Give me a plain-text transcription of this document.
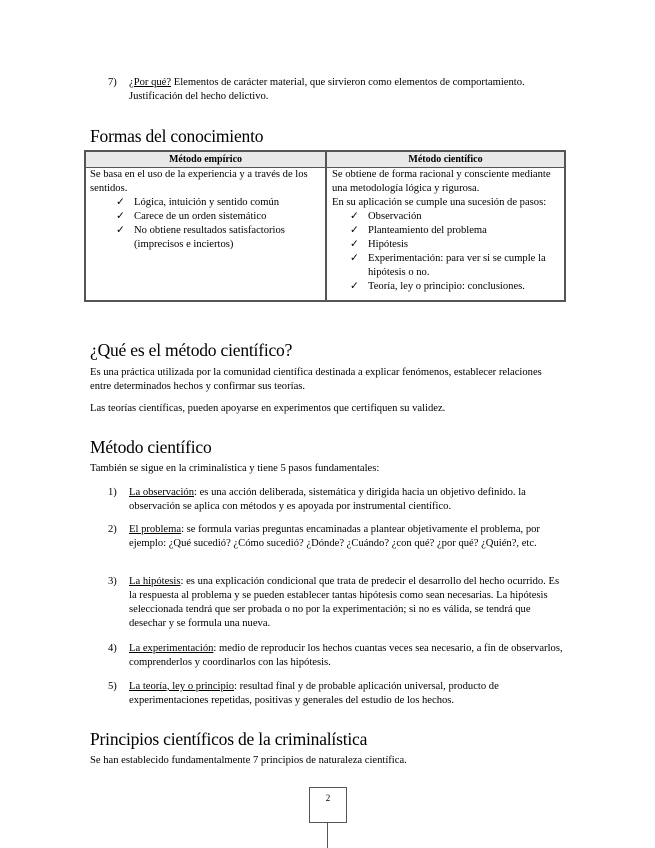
7) ¿Por qué? Elementos de carácter material, que sirvieron como elementos de comportamiento. Justificación del hecho delictivo.

Formas del conocimiento
Método empírico	Método científico

Se basa en el uso de la experiencia y a través de los sentidos.

✓ Lógica, intuición y sentido común
✓ Carece de un orden sistemático
✓ No obtiene resultados satisfactorios (imprecisos e inciertos)

Se obtiene de forma racional y consciente mediante una metodología lógica y rigurosa.

En su aplicación se cumple una sucesión de pasos:

✓ Observación
✓ Planteamiento del problema
✓ Hipótesis
✓ Experimentación: para ver si se cumple la hipótesis o no.
✓ Teoría, ley o principio: conclusiones.
¿Qué es el método científico?

Es una práctica utilizada por la comunidad científica destinada a explicar fenómenos, establecer relaciones entre determinados hechos y confirmar sus teorías.

Las teorías científicas, pueden apoyarse en experimentos que certifiquen su validez.

Método científico

También se sigue en la criminalística y tiene 5 pasos fundamentales:

1) La observación: es una acción deliberada, sistemática y dirigida hacia un objetivo definido. la observación se aplica con métodos y es apoyada por instrumental científico.

2) El problema: se formula varias preguntas encaminadas a plantear objetivamente el problema, por ejemplo: ¿Qué sucedió? ¿Cómo sucedió? ¿Dónde? ¿Cuándo? ¿con qué? ¿por qué? ¿Quién?, etc.

3) La hipótesis: es una explicación condicional que trata de predecir el desarrollo del hecho ocurrido. Es la respuesta al problema y se pueden establecer tantas hipótesis como sean necesarias. La hipótesis seleccionada tendrá que ser probada o no por la experimentación; si no es válida, se tendrá que desechar y se formula una nueva.

4) La experimentación: medio de reproducir los hechos cuantas veces sea necesario, a fin de observarlos, comprenderlos y coordinarlos con las hipótesis.

5) La teoría, ley o principio: resultad final y de probable aplicación universal, producto de experimentaciones repetidas, positivas y generales del estudio de los hechos.

Principios científicos de la criminalística

Se han establecido fundamentalmente 7 principios de naturaleza científica.

2
